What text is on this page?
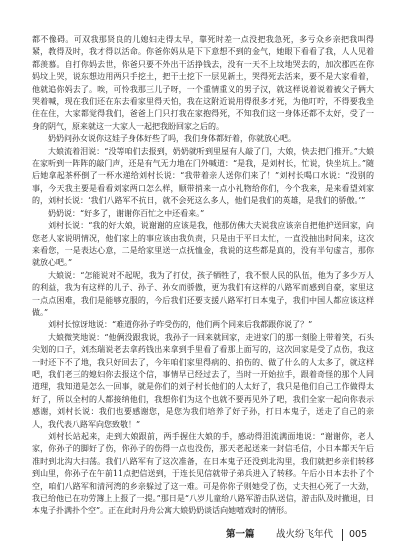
都不像碍。可双我那贤良的儿媳妇走得太早，靠死时差一点没把我急死，多亏众乡亲把我叫得紧，教得及时，我才得以活命。你爸你妈从是下下意想不到的金气，她眼下看看了我，人人见着都羡慕。自打你妈去世，你爸只要不外出干活挣钱去，没有一天不上坟地哭去的，加次郡匹在你妈坟上哭，说东想边用两只手挖土，把干土挖下一层见新土，哭得死去活来，要不是大家看着，他就追你妈去了。唉，可怜我那三儿子呀，一个重情重义的男子汉，就这样说着说着被父子俩大哭着喊，现在我们还在东去看家里得天怕，我在这附近说用得很多才死，为他叮咛，不得要我坐住在住，大家都觉得我们，爸爸上门只打我在家抱得死，不知我们这一身体还都不太好，受了一身的阴气，原来就这一大家人一起把我盼回家之后的。

奶奶问孙女说你这娃子身体好些了吗，我们身体都好着，你就放心吧。

大娘流着泪说：“没等咱们去报到，奶奶就听到里屋有人敲了门，大娘，快去把门推开。”大娘在家听到一阵阵的敲门声，还是有气无力地在门外喊道：“是我，是刘村长，忙说，快坐坑上。”随后她拿起茶杯倒了一杯水递给刘村长说：“我带着亲人送你们来了！”刘村长喝口水说：“没别的事，今天我主要是看看刘家两口怎么样，顺带捎来一点小礼物给你们，今个我来，是来看望刘家的，刘村长说：‘我们八路军不抗日，就不会死这么多人，他们是我们的英雄，是我们的骄傲。’”

奶奶说：“好多了，谢谢你百忙之中还看来。”

刘村长说：“我的好大娘，说谢谢的应该是我，他那仿佛大夫说我应该亲自把他护送回家，向您老人家说明情况，他们家上的事应该由我负责，只是由于平日太忙，一直没抽出时间来，这次来看您，一是表达心意，二是给家里送一点抚恤金，我说的这些都是真的，没有半句虚言，那你就放心吧。”

大娘说：“怎能说对不起呢，我为了打仗，孩子牺牲了，我不恨人民的队伍，他为了多少万人的利益，我为有这样的儿子、孙子、孙女而骄傲，更为我们有这样的八路军而感到自豪，家里这一点点困难，我们是能够克服的，今后我们还要支援八路军打日本鬼子，我们中国人都应该这样做。”

刘村长惊讶地说：“难道你孙子咋受伤的，他们两个同来后我都跟你说了？”

大娘微笑地说：“他俩没跟我说，我孙子一回来就回家，走进家门的那一刻脸上带着笑，石头尖划的口子，刘杰瑞说老去拿药钱出来拿到手里看了看那上面写的，这次回家是受了点伤，我这一时还下不了地，我只好回去了，今年咱们家里得病的、拍伤的、做了什么的人太多了，就这样吧，我们老三的媳妇你去报这个信，事情早已经过去了，当时一开始拉手，跟着奇怪的那个人同道理，我知道是怎么一回事，就是你们的刘子村长他们的人太好了，我只是他们自己工作做得太好了，所以全村的人都接纳他们，我想你们为这个也就不要再见外了吧，我们全家一起向你表示感谢，刘村长说：我们也要感谢您，是您为我们培养了好子孙，打日本鬼子，送走了自己的亲人，我代表八路军向您致敬！”

刘村长站起来，走到大娘跟前，两手握住大娘的手，感动得泪流满面地说：“谢谢你，老人家，你孙子的脚好了伤，你孙子的伤得一点也没伤，那天老起送来一封信毛信，小日本都天午后准时到北沟大扫荡。我们八路军有了这次准备，在日本鬼子还没到北沟里，我们就把乡亲们转移到山里，你孙子在午前11点把信送到，于连长见信就带子弟兵进入了转移。午后小日本去扑了个空，咱们八路军和清河湾的乡亲躲过了这一难。可是你你子则她受了伤，丈夫担心死了一大劲，我已给他已在功劳簿上上报了一提。”那日是“八岁儿童给八路军游击队送信，游击队及时撤退，日本鬼子扑满扑个空”。正在此时丹舟公寓大娘奶奶谈话向她嘻戏时的情形。

第一篇 战火纷飞年代 005
